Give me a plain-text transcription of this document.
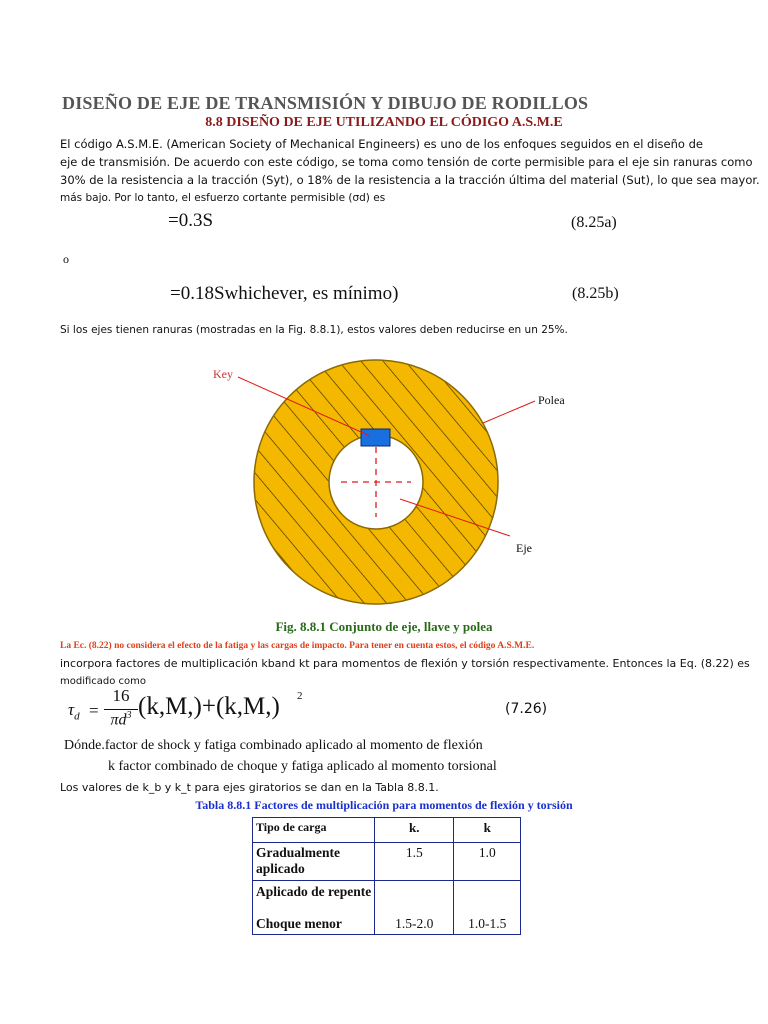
DISEÑO DE EJE DE TRANSMISIÓN Y DIBUJO DE RODILLOS
8.8 DISEÑO DE EJE UTILIZANDO EL CÓDIGO A.S.M.E
El código A.S.M.E. (American Society of Mechanical Engineers) es uno de los enfoques seguidos en el diseño de
eje de transmisión. De acuerdo con este código, se toma como tensión de corte permisible para el eje sin ranuras como
30% de la resistencia a la tracción (Syt), o 18% de la resistencia a la tracción última del material (Sut), lo que sea mayor.
más bajo. Por lo tanto, el esfuerzo cortante permisible (σd) es
=0.3S	(8.25a)
o
=0.18Swhichever, es mínimo)	(8.25b)
Si los ejes tienen ranuras (mostradas en la Fig. 8.8.1), estos valores deben reducirse en un 25%.
Key
Polea
Eje
Fig. 8.8.1 Conjunto de eje, llave y polea
La Ec. (8.22) no considera el efecto de la fatiga y las cargas de impacto. Para tener en cuenta estos, el código A.S.M.E.
incorpora factores de multiplicación kband kt para momentos de flexión y torsión respectivamente. Entonces la Eq. (8.22) es
modificado como
$\tau_d$ =
16
$\pi d^3$ (k,M,)+(k,M,) 2
(7.26)
Dónde.factor de shock y fatiga combinado aplicado al momento de flexión
k factor combinado de choque y fatiga aplicado al momento torsional
Los valores de k_b y k_t para ejes giratorios se dan en la Tabla 8.8.1.
Tabla 8.8.1 Factores de multiplicación para momentos de flexión y torsión
Tipo de carga	k.	k
Gradualmente aplicado	1.5	1.0

Aplicado de repente
Choque menor	1.5-2.0	1.0-1.5
